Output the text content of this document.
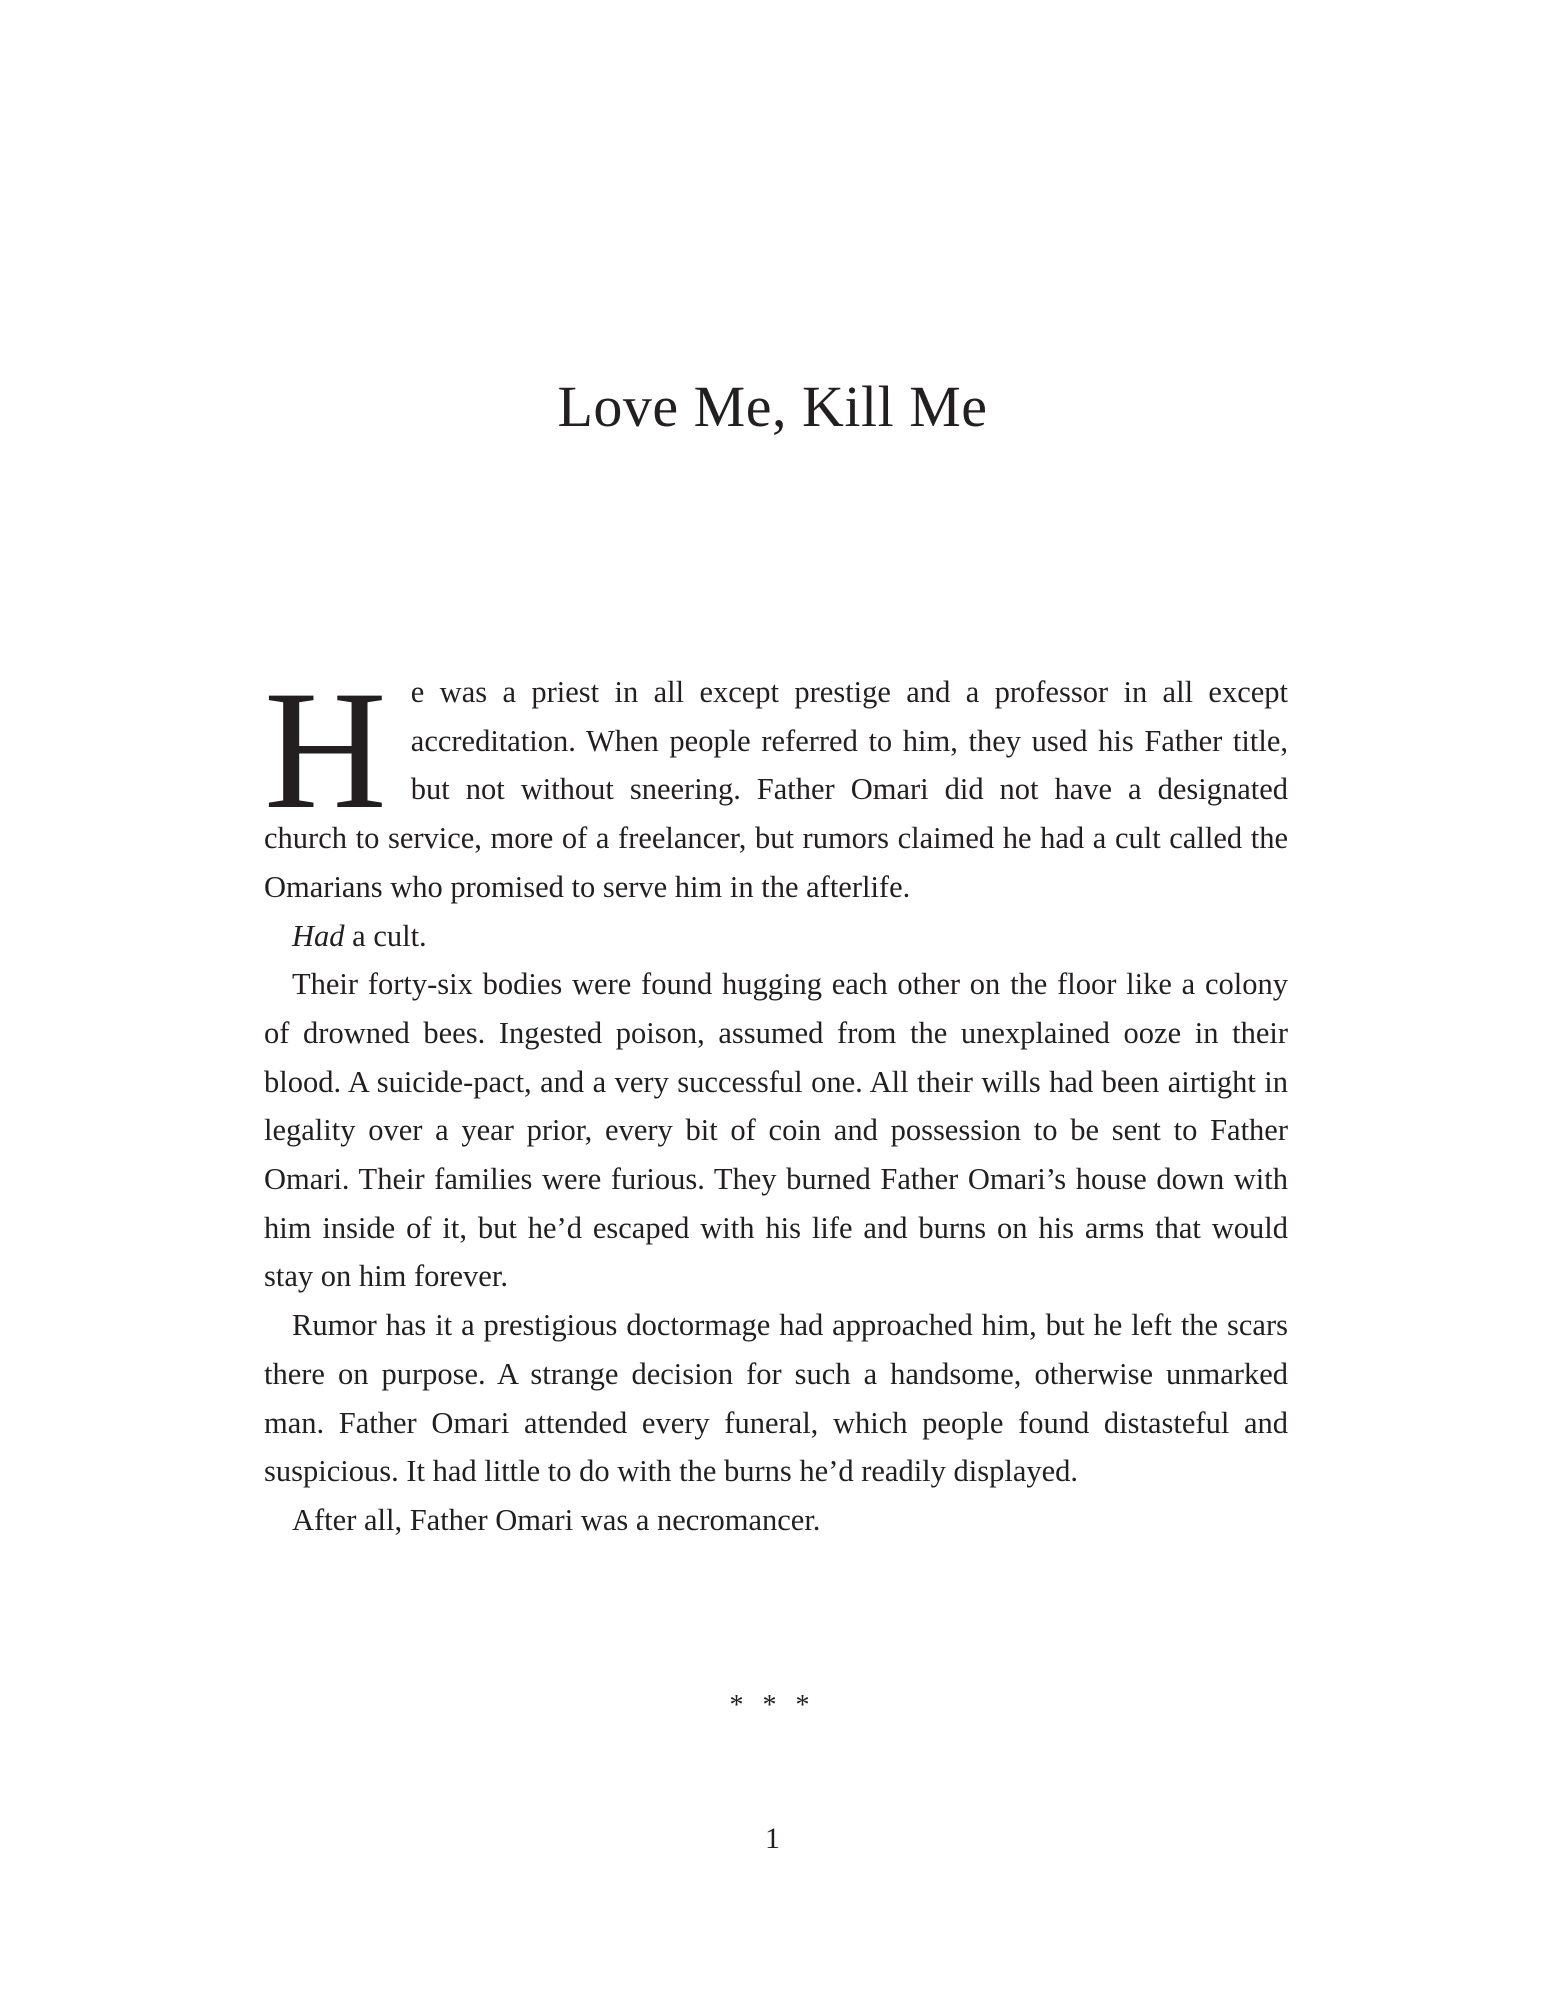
Love Me, Kill Me

He was a priest in all except prestige and a professor in all except accreditation. When people referred to him, they used his Father title, but not without sneering. Father Omari did not have a designated church to service, more of a freelancer, but rumors claimed he had a cult called the Omarians who promised to serve him in the afterlife.

Had a cult.

Their forty-six bodies were found hugging each other on the floor like a colony of drowned bees. Ingested poison, assumed from the unexplained ooze in their blood. A suicide-pact, and a very successful one. All their wills had been airtight in legality over a year prior, every bit of coin and possession to be sent to Father Omari. Their families were furious. They burned Father Omari’s house down with him inside of it, but he’d escaped with his life and burns on his arms that would stay on him forever.

Rumor has it a prestigious doctormage had approached him, but he left the scars there on purpose. A strange decision for such a handsome, otherwise unmarked man. Father Omari attended every funeral, which people found distasteful and suspicious. It had little to do with the burns he’d readily displayed.

After all, Father Omari was a necromancer.

* * *
1
